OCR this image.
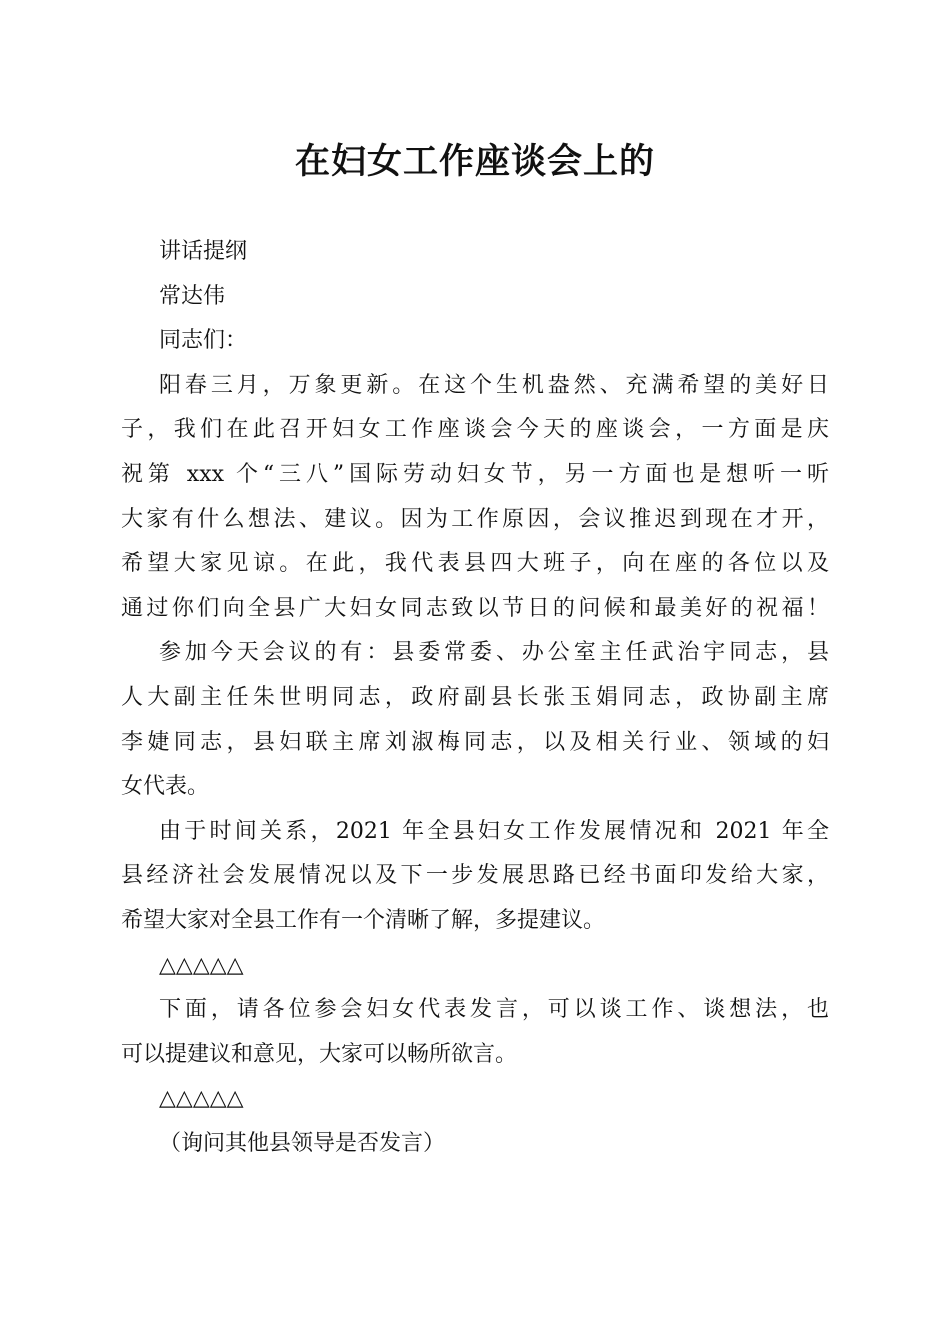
在妇女工作座谈会上的
讲话提纲
常达伟
同志们：
阳春三月，万象更新。在这个生机盎然、充满希望的美好日
子，我们在此召开妇女工作座谈会今天的座谈会，一方面是庆
祝第 xxx 个“三八”国际劳动妇女节，另一方面也是想听一听
大家有什么想法、建议。因为工作原因，会议推迟到现在才开，
希望大家见谅。在此，我代表县四大班子，向在座的各位以及
通过你们向全县广大妇女同志致以节日的问候和最美好的祝福！
参加今天会议的有：县委常委、办公室主任武治宇同志，县
人大副主任朱世明同志，政府副县长张玉娟同志，政协副主席
李婕同志，县妇联主席刘淑梅同志，以及相关行业、领域的妇
女代表。
由于时间关系，2021 年全县妇女工作发展情况和 2021 年全
县经济社会发展情况以及下一步发展思路已经书面印发给大家，
希望大家对全县工作有一个清晰了解，多提建议。
△△△△△
下面，请各位参会妇女代表发言，可以谈工作、谈想法，也
可以提建议和意见，大家可以畅所欲言。
△△△△△
（询问其他县领导是否发言）
